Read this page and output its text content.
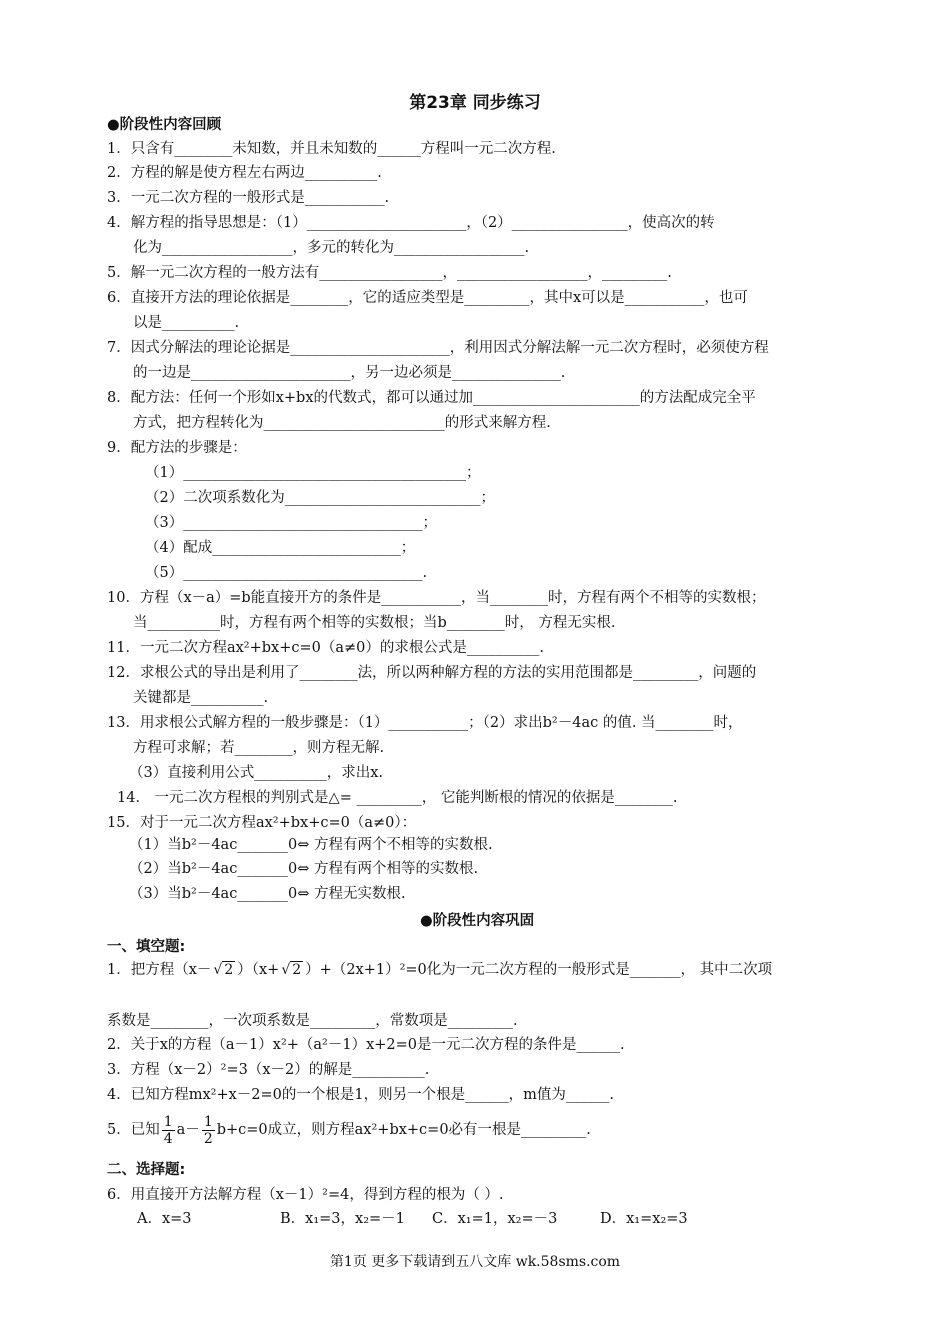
第23章 同步练习
●阶段性内容回顾
1．只含有________未知数，并且未知数的______方程叫一元二次方程.
2．方程的解是使方程左右两边__________.
3．一元二次方程的一般形式是___________.
4．解方程的指导思想是：（1）______________________，（2）________________，使高次的转
化为__________________，多元的转化为__________________.
5．解一元二次方程的一般方法有_________________，__________________，_________.
6．直接开方法的理论依据是________，它的适应类型是_________，其中x可以是___________，也可
以是__________.
7．因式分解法的理论论据是______________________，利用因式分解法解一元二次方程时，必须使方程
的一边是______________________，另一边必须是_______________.
8．配方法：任何一个形如x+bx的代数式，都可以通过加_______________________的方法配成完全平
方式，把方程转化为_________________________的形式来解方程.
9．配方法的步骤是：
（1）_______________________________________；
（2）二次项系数化为___________________________；
（3）_________________________________；
（4）配成__________________________；
（5）_________________________________.
10．方程（x－a）=b能直接开方的条件是___________，当________时，方程有两个不相等的实数根；
当__________时，方程有两个相等的实数根；当b________时， 方程无实根.
11．一元二次方程ax²+bx+c=0（a≠0）的求根公式是__________.
12．求根公式的导出是利用了________法，所以两种解方程的方法的实用范围都是_________，问题的
关键都是__________.
13．用求根公式解方程的一般步骤是：（1）___________；（2）求出b²－4ac 的值. 当________时，
方程可求解；若________，则方程无解.
（3）直接利用公式__________，求出x.
14． 一元二次方程根的判别式是△= _________， 它能判断根的情况的依据是________.
15．对于一元二次方程ax²+bx+c=0（a≠0）：
（1）当b²－4ac_______0⇔ 方程有两个不相等的实数根.
（2）当b²－4ac_______0⇔ 方程有两个相等的实数根.
（3）当b²－4ac_______0⇔ 方程无实数根.
●阶段性内容巩固
一、填空题:
1．把方程（x－ √ 2 ）（x+ √ 2 ）+（2x+1）²=0化为一元二次方程的一般形式是_______， 其中二次项
系数是________，一次项系数是_________，常数项是_________.
2．关于x的方程（a－1）x²+（a²－1）x+2=0是一元二次方程的条件是______.
3．方程（x－2）²=3（x－2）的解是__________.
4．已知方程mx²+x－2=0的一个根是1，则另一个根是______，m值为______.
5．已知 $\frac{1}{4} a- \frac{1}{2} b+c=0$成立，则方程ax²+bx+c=0必有一根是_________.
二、选择题:
6．用直接开方法解方程（x－1）²=4，得到方程的根为（ ）.
A．x=3	B．x₁=3，x₂=－1 C．x₁=1，x₂=－3	D．x₁=x₂=3
第1页 更多下载请到五八文库 wk.58sms.com
